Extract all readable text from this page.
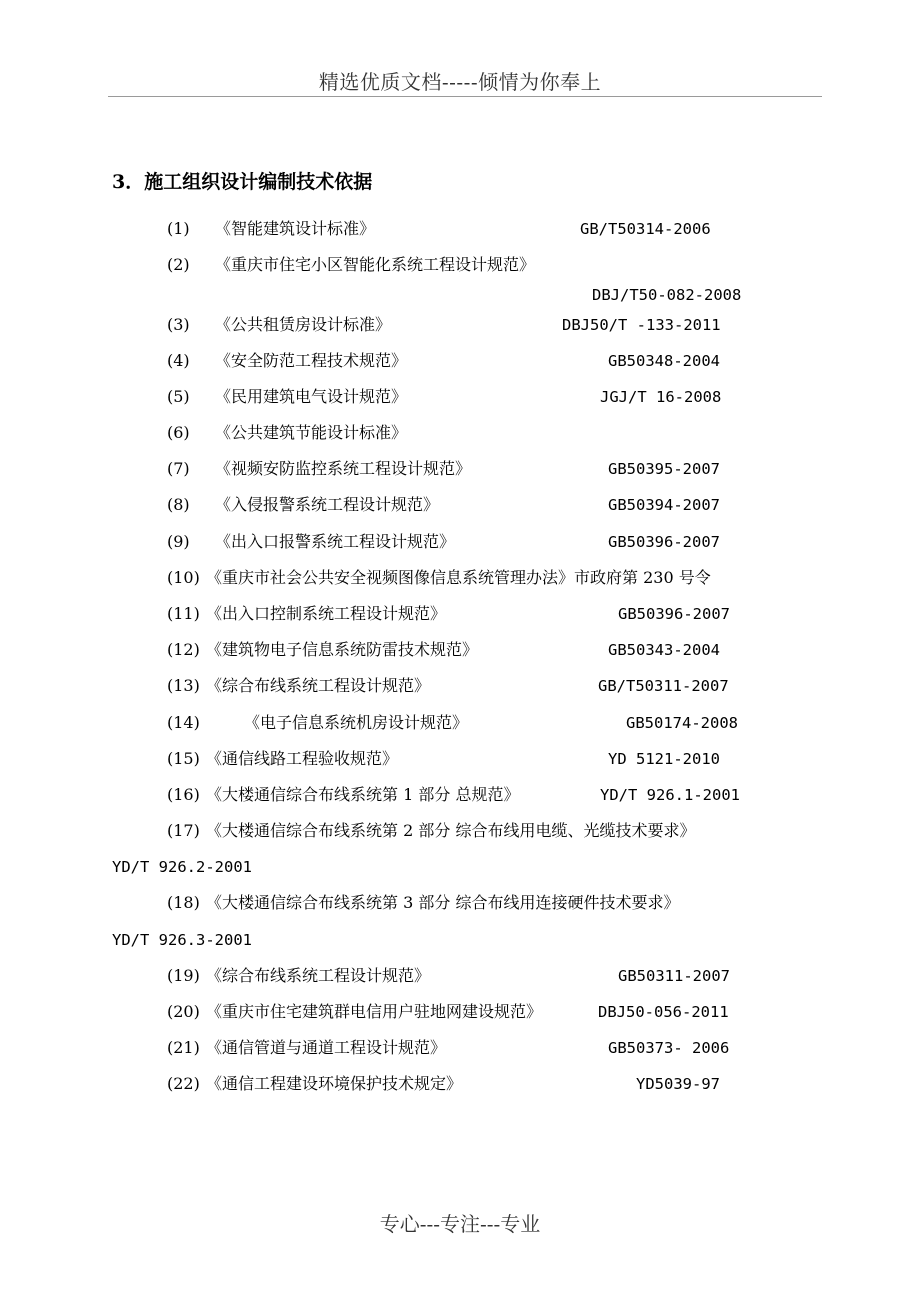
精选优质文档-----倾情为你奉上
3．施工组织设计编制技术依据
(1) 《智能建筑设计标准》	GB/T50314-2006
(2) 《重庆市住宅小区智能化系统工程设计规范》
DBJ/T50-082-2008
(3) 《公共租赁房设计标准》	DBJ50/T -133-2011
(4) 《安全防范工程技术规范》	GB50348-2004
(5) 《民用建筑电气设计规范》	JGJ/T 16-2008
(6) 《公共建筑节能设计标准》
(7) 《视频安防监控系统工程设计规范》	GB50395-2007
(8) 《入侵报警系统工程设计规范》	GB50394-2007
(9) 《出入口报警系统工程设计规范》	GB50396-2007
(10) 《重庆市社会公共安全视频图像信息系统管理办法》市政府第 230 号令
(11) 《出入口控制系统工程设计规范》	GB50396-2007
(12) 《建筑物电子信息系统防雷技术规范》	GB50343-2004
(13) 《综合布线系统工程设计规范》	GB/T50311-2007
(14)	《电子信息系统机房设计规范》	GB50174-2008
(15) 《通信线路工程验收规范》	YD 5121-2010
(16) 《大楼通信综合布线系统第 1 部分 总规范》	YD/T 926.1-2001
(17) 《大楼通信综合布线系统第 2 部分 综合布线用电缆、光缆技术要求》
YD/T 926.2-2001
(18) 《大楼通信综合布线系统第 3 部分 综合布线用连接硬件技术要求》
YD/T 926.3-2001
(19) 《综合布线系统工程设计规范》	GB50311-2007
(20) 《重庆市住宅建筑群电信用户驻地网建设规范》	DBJ50-056-2011
(21) 《通信管道与通道工程设计规范》	GB50373- 2006
(22) 《通信工程建设环境保护技术规定》	YD5039-97
专心---专注---专业
